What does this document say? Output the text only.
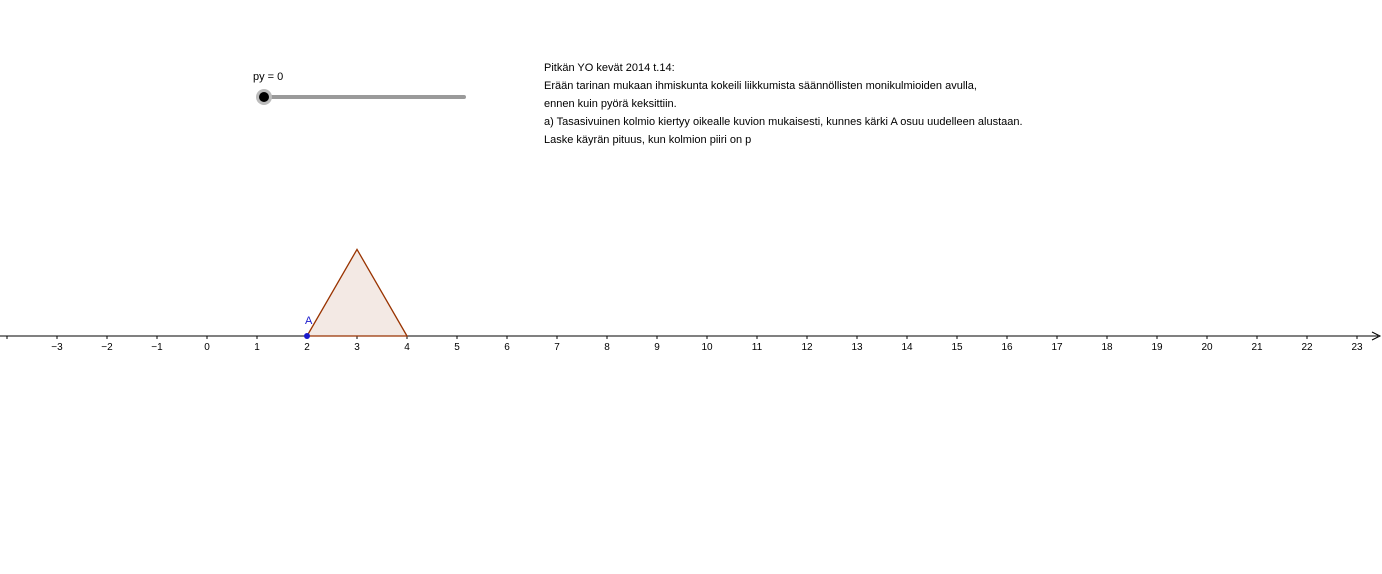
−3	−2	−1	0	1	2	3	4	5	6	7	8	9	10	11	12	13	14	15	16	17	18	19	20	21	22	23
py = 0
Pitkän YO kevät 2014 t.14:
Erään tarinan mukaan ihmiskunta kokeili liikkumista säännöllisten monikulmioiden avulla,
ennen kuin pyörä keksittiin.
a) Tasasivuinen kolmio kiertyy oikealle kuvion mukaisesti, kunnes kärki A osuu uudelleen alustaan.
Laske käyrän pituus, kun kolmion piiri on p
A
